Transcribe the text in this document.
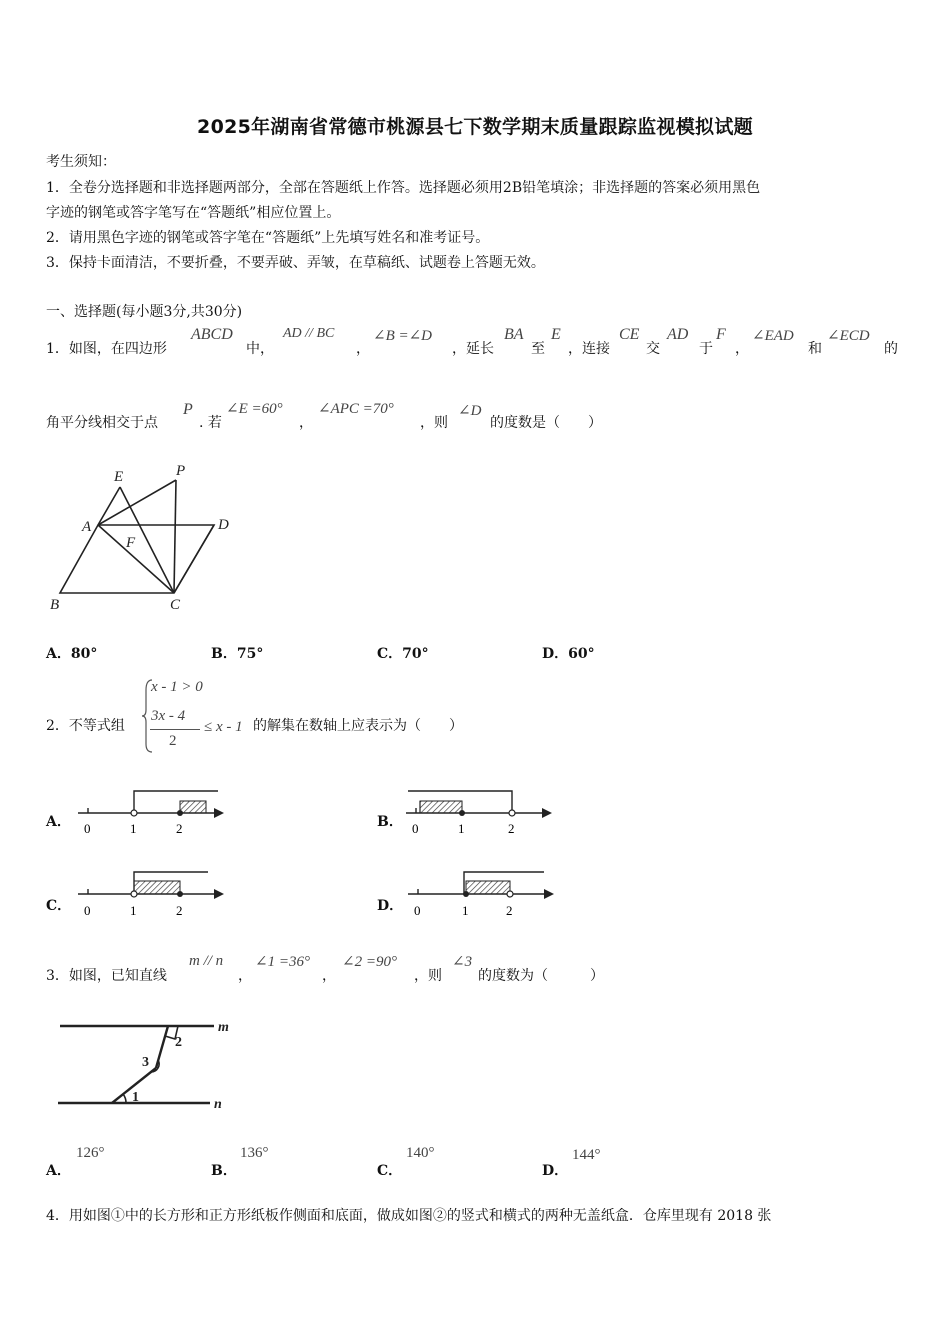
2025年湖南省常德市桃源县七下数学期末质量跟踪监视模拟试题
考生须知：
1．全卷分选择题和非选择题两部分，全部在答题纸上作答。选择题必须用2B铅笔填涂；非选择题的答案必须用黑色
字迹的钢笔或答字笔写在“答题纸”相应位置上。
2．请用黑色字迹的钢笔或答字笔在“答题纸”上先填写姓名和准考证号。
3．保持卡面清洁，不要折叠，不要弄破、弄皱，在草稿纸、试题卷上答题无效。
一、选择题(每小题3分,共30分)
1．如图，在四边形
ABCD
中，
AD // BC
，
∠B =∠D
，延长
BA
至
E
，连接
CE
交
AD
于
F
，
∠EAD
和
∠ECD
的
角平分线相交于点
P
. 若
∠E =60°
，
∠APC =70°
，则
∠D
的度数是（　　）
E	P
A	D
F
B	C
A．80°	B．75°	C．70°	D．60°
2．不等式组
x - 1 > 0
3x - 4
2
≤ x - 1 的解集在数轴上应表示为（　　）
A． 0	1	2	B． 0	1	2
C． 0	1	2	D． 0	1	2
3．如图，已知直线
m // n
，
∠1 =36°
，
∠2 =90°
，则
∠3
的度数为（　　　）
1
2
3
m
n
A．
126°
B．
136°
C．
140°
D．
144°
4．用如图①中的长方形和正方形纸板作侧面和底面，做成如图②的竖式和横式的两种无盖纸盒．仓库里现有 2018 张
